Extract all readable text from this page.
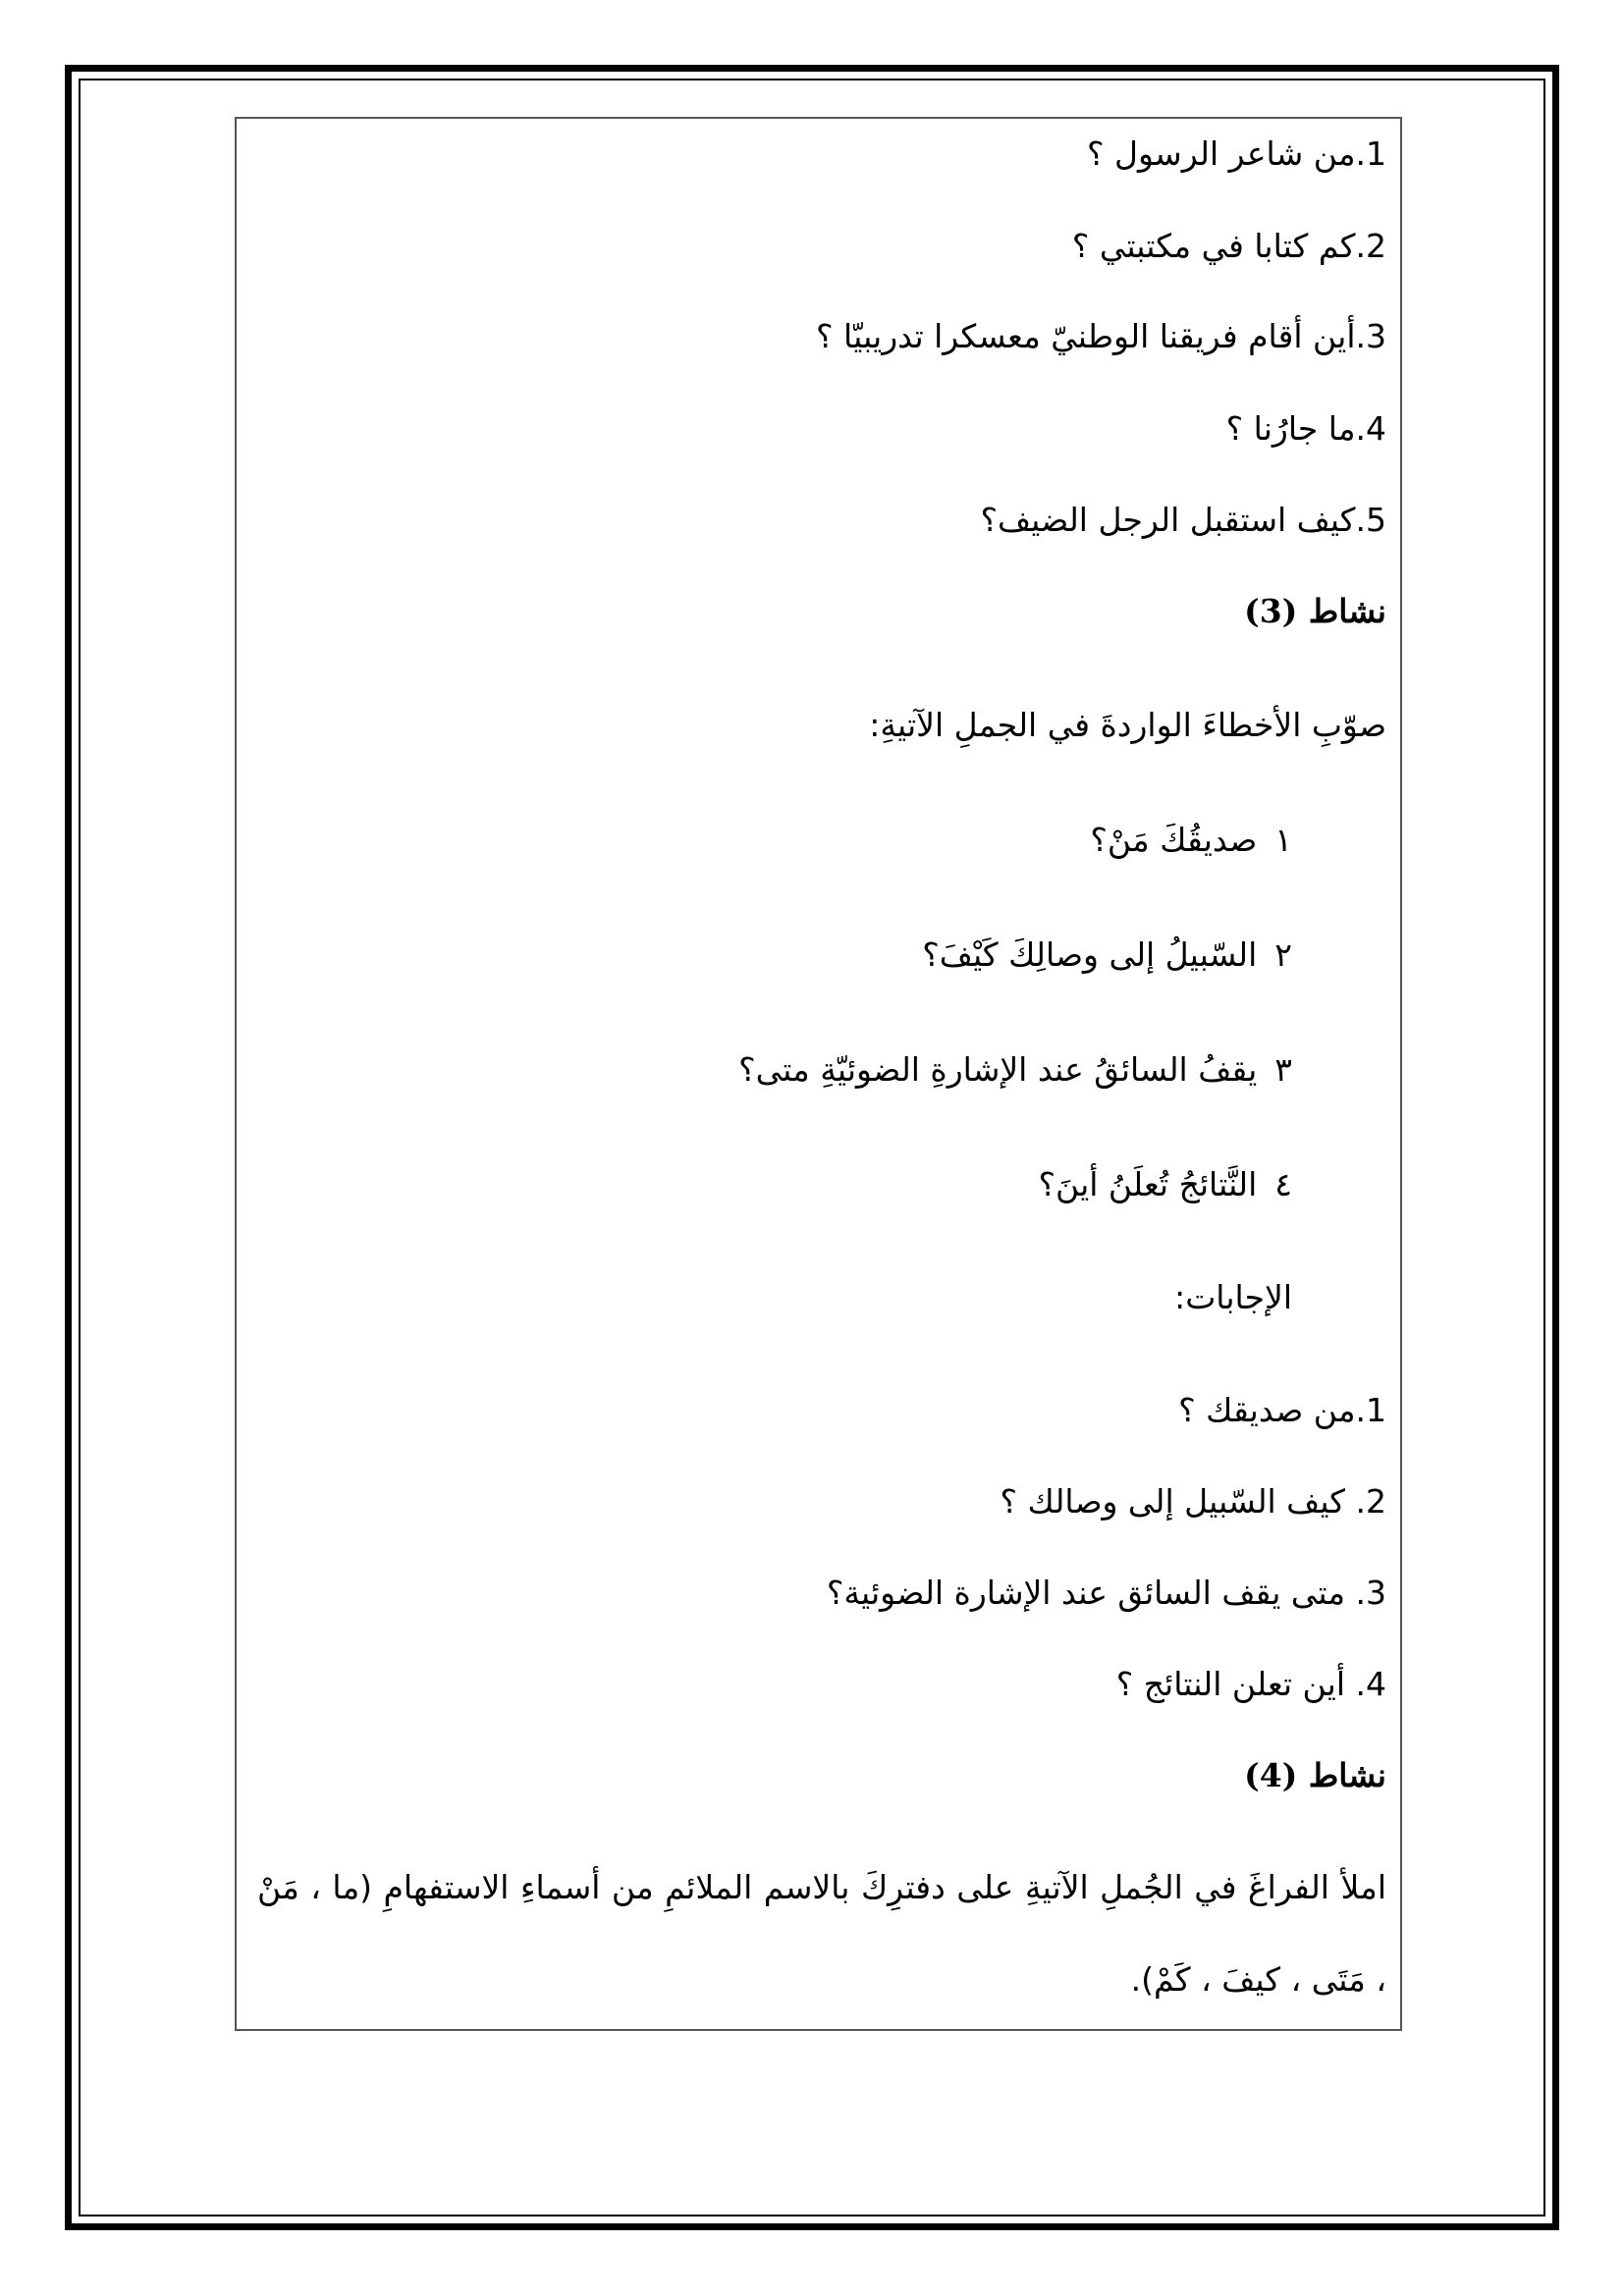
1.من شاعر الرسول ؟
2.كم كتابا في مكتبتي ؟
3.أين أقام فريقنا الوطنيّ معسكرا تدريبيّا ؟
4.ما جارُنا ؟
5.كيف استقبل الرجل الضيف؟
نشاط (3)
صوّبِ الأخطاءَ الواردةَ في الجملِ الآتيةِ:
١صديقُكَ مَنْ؟
٢السّبيلُ إلى وصالِكَ كَيْفَ؟
٣يقفُ السائقُ عند الإشارةِ الضوئيّةِ متى؟
٤النَّتائجُ تُعلَنُ أينَ؟
الإجابات:
1.من صديقك ؟
2. كيف السّبيل إلى وصالك ؟
3. متى يقف السائق عند الإشارة الضوئية؟
4. أين تعلن النتائج ؟
نشاط (4)
املأ الفراغَ في الجُملِ الآتيةِ على دفترِكَ بالاسم الملائمِ من أسماءِ الاستفهامِ (ما ، مَنْ ، مَتَى ، كيفَ ، كَمْ).
